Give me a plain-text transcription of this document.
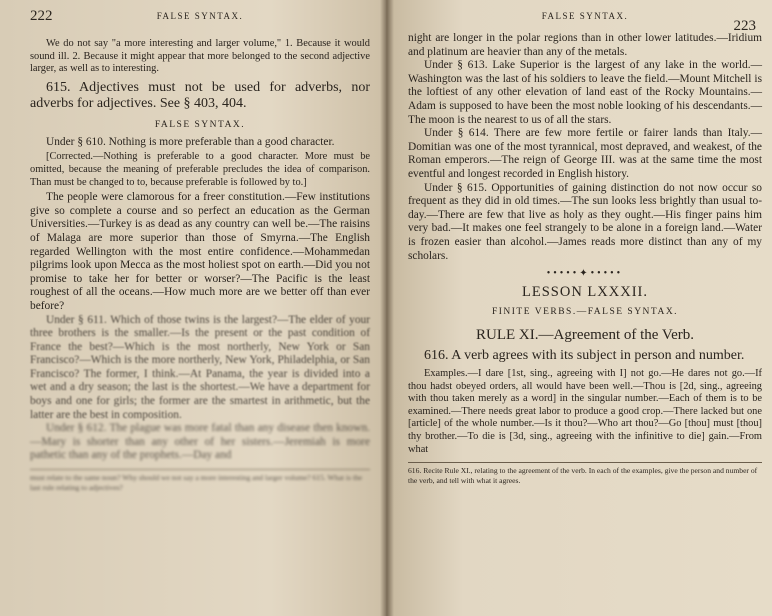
222	FALSE SYNTAX.

We do not say "a more interesting and larger volume," 1. Because it would sound ill. 2. Because it might appear that more belonged to the second adjective larger, as well as to interesting.

615. Adjectives must not be used for adverbs, nor adverbs for adjectives. See § 403, 404.

FALSE SYNTAX.

Under § 610. Nothing is more preferable than a good character.

[Corrected.—Nothing is preferable to a good character. More must be omitted, because the meaning of preferable precludes the idea of comparison. Than must be changed to to, because preferable is followed by to.]

The people were clamorous for a freer constitution.—Few institutions give so complete a course and so perfect an education as the German Universities.—Turkey is as dead as any country can well be.—The raisins of Malaga are more superior than those of Smyrna.—The English regarded Wellington with the most entire confidence.—Mohammedan pilgrims look upon Mecca as the most holiest spot on earth.—Did you not promise to take her for better or worser?—The Pacific is the least roughest of all the oceans.—How much more are we better off than ever before?

Under § 611. Which of those twins is the largest?—The elder of your three brothers is the smaller.—Is the present or the past condition of France the best?—Which is the most northerly, New York or San Francisco?—Which is the more northerly, New York, Philadelphia, or San Francisco? The former, I think.—At Panama, the year is divided into a wet and a dry season; the last is the shortest.—We have a department for boys and one for girls; the former are the smartest in arithmetic, but the latter are the best in composition.

Under § 612. The plague was more fatal than any disease then known.—Mary is shorter than any other of her sisters.—Jeremiah is more pathetic than any of the prophets.—Day and

must relate to the same noun? Why should we not say a more interesting and larger volume? 615. What is the last rule relating to adjectives?
FALSE SYNTAX.
223

night are longer in the polar regions than in other lower latitudes.—Iridium and platinum are heavier than any of the metals.

Under § 613. Lake Superior is the largest of any lake in the world.—Washington was the last of his soldiers to leave the field.—Mount Mitchell is the loftiest of any other elevation of land east of the Rocky Mountains.—Adam is supposed to have been the most noble looking of his descendants.—The moon is the nearest to us of all the stars.

Under § 614. There are few more fertile or fairer lands than Italy.—Domitian was one of the most tyrannical, most depraved, and weakest, of the Roman emperors.—The reign of George III. was at the same time the most eventful and longest recorded in English history.

Under § 615. Opportunities of gaining distinction do not now occur so frequent as they did in old times.—The sun looks less brightly than usual to-day.—There are few that live as holy as they ought.—His finger pains him very bad.—It makes one feel strangely to be alone in a foreign land.—Water is frozen easier than alcohol.—James reads more distinct than any of my scholars.

•••••✦•••••
LESSON LXXXII.
FINITE VERBS.—FALSE SYNTAX.
RULE XI.—Agreement of the Verb.

616. A verb agrees with its subject in person and number.

Examples.—I dare [1st, sing., agreeing with I] not go.—He dares not go.—If thou hadst obeyed orders, all would have been well.—Thou is [2d, sing., agreeing with thou taken merely as a word] in the singular number.—Each of them is to be examined.—There needs great labor to produce a good crop.—There lacked but one [article] of the whole number.—Is it thou?—Who art thou?—Go [thou] must [thou] thy brother.—To die is [3d, sing., agreeing with the infinitive to die] gain.—From what

616. Recite Rule XI., relating to the agreement of the verb. In each of the examples, give the person and number of the verb, and tell with what it agrees.
